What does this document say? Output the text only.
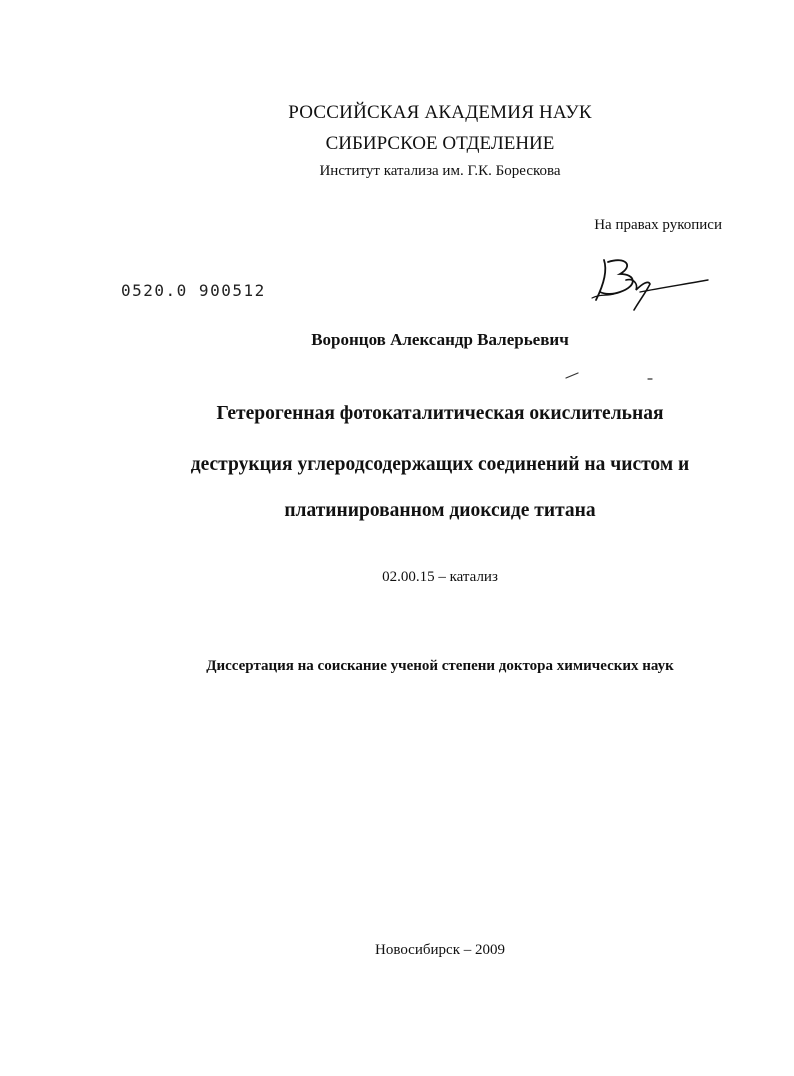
РОССИЙСКАЯ АКАДЕМИЯ НАУК
СИБИРСКОЕ ОТДЕЛЕНИЕ
Институт катализа им. Г.К. Борескова
На правах рукописи
0520.0 900512
Воронцов Александр Валерьевич
Гетерогенная фотокаталитическая окислительная
деструкция углеродсодержащих соединений на чистом и
платинированном диоксиде титана
02.00.15 – катализ
Диссертация на соискание ученой степени доктора химических наук
Новосибирск – 2009
